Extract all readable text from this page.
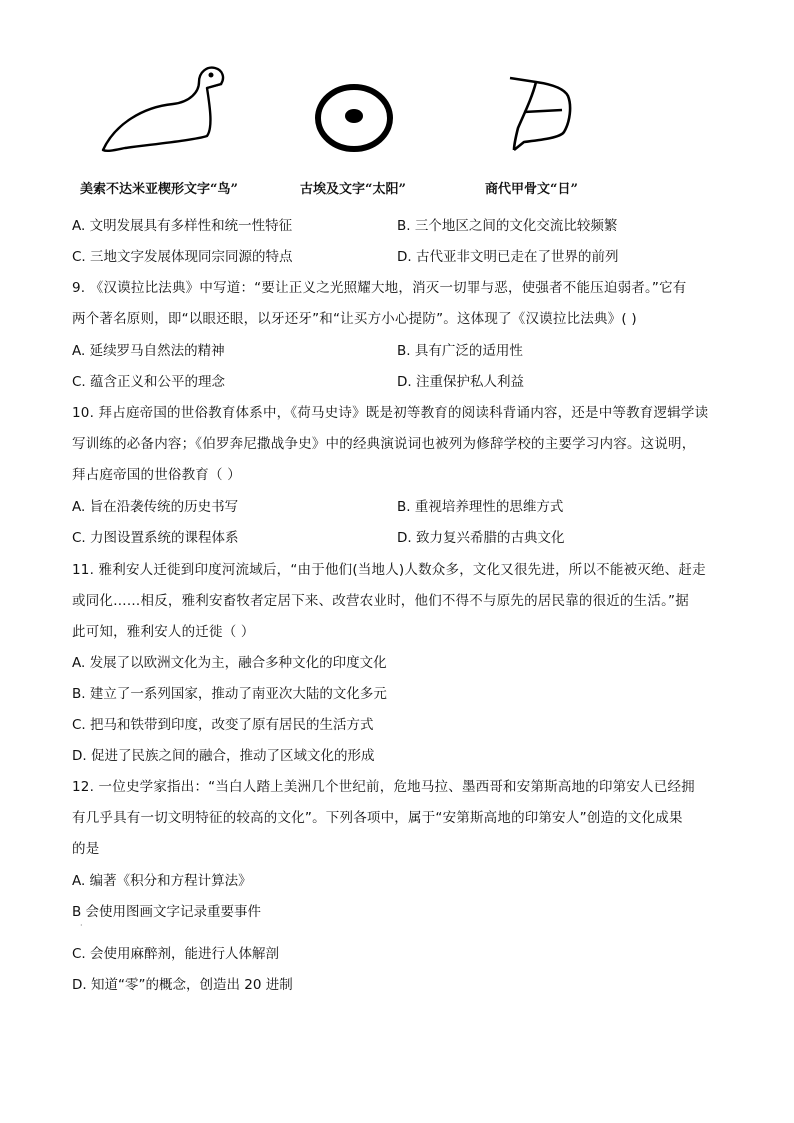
美索不达米亚楔形文字“鸟”	古埃及文字“太阳”	商代甲骨文“日”
A. 文明发展具有多样性和统一性特征	B. 三个地区之间的文化交流比较频繁
C. 三地文字发展体现同宗同源的特点	D. 古代亚非文明已走在了世界的前列
9. 《汉谟拉比法典》中写道：“要让正义之光照耀大地，消灭一切罪与恶，使强者不能压迫弱者。”它有
两个著名原则，即“以眼还眼，以牙还牙”和“让买方小心提防”。这体现了《汉谟拉比法典》( )
A. 延续罗马自然法的精神	B. 具有广泛的适用性
C. 蕴含正义和公平的理念	D. 注重保护私人利益
10. 拜占庭帝国的世俗教育体系中，《荷马史诗》既是初等教育的阅读科背诵内容，还是中等教育逻辑学读
写训练的必备内容；《伯罗奔尼撒战争史》中的经典演说词也被列为修辞学校的主要学习内容。这说明，
拜占庭帝国的世俗教育（ ）
A. 旨在沿袭传统的历史书写	B. 重视培养理性的思维方式
C. 力图设置系统的课程体系	D. 致力复兴希腊的古典文化
11. 雅利安人迁徙到印度河流域后，“由于他们(当地人)人数众多，文化又很先进，所以不能被灭绝、赶走
或同化……相反，雅利安畜牧者定居下来、改营农业时，他们不得不与原先的居民靠的很近的生活。”据
此可知，雅利安人的迁徙（ ）
A. 发展了以欧洲文化为主，融合多种文化的印度文化
B. 建立了一系列国家，推动了南亚次大陆的文化多元
C. 把马和铁带到印度，改变了原有居民的生活方式
D. 促进了民族之间的融合，推动了区域文化的形成
12. 一位史学家指出：“当白人踏上美洲几个世纪前，危地马拉、墨西哥和安第斯高地的印第安人已经拥
有几乎具有一切文明特征的较高的文化”。下列各项中，属于“安第斯高地的印第安人”创造的文化成果
的是
A. 编著《积分和方程计算法》
B 会使用图画文字记录重要事件
·
C. 会使用麻醉剂，能进行人体解剖
D. 知道“零”的概念，创造出 20 进制
